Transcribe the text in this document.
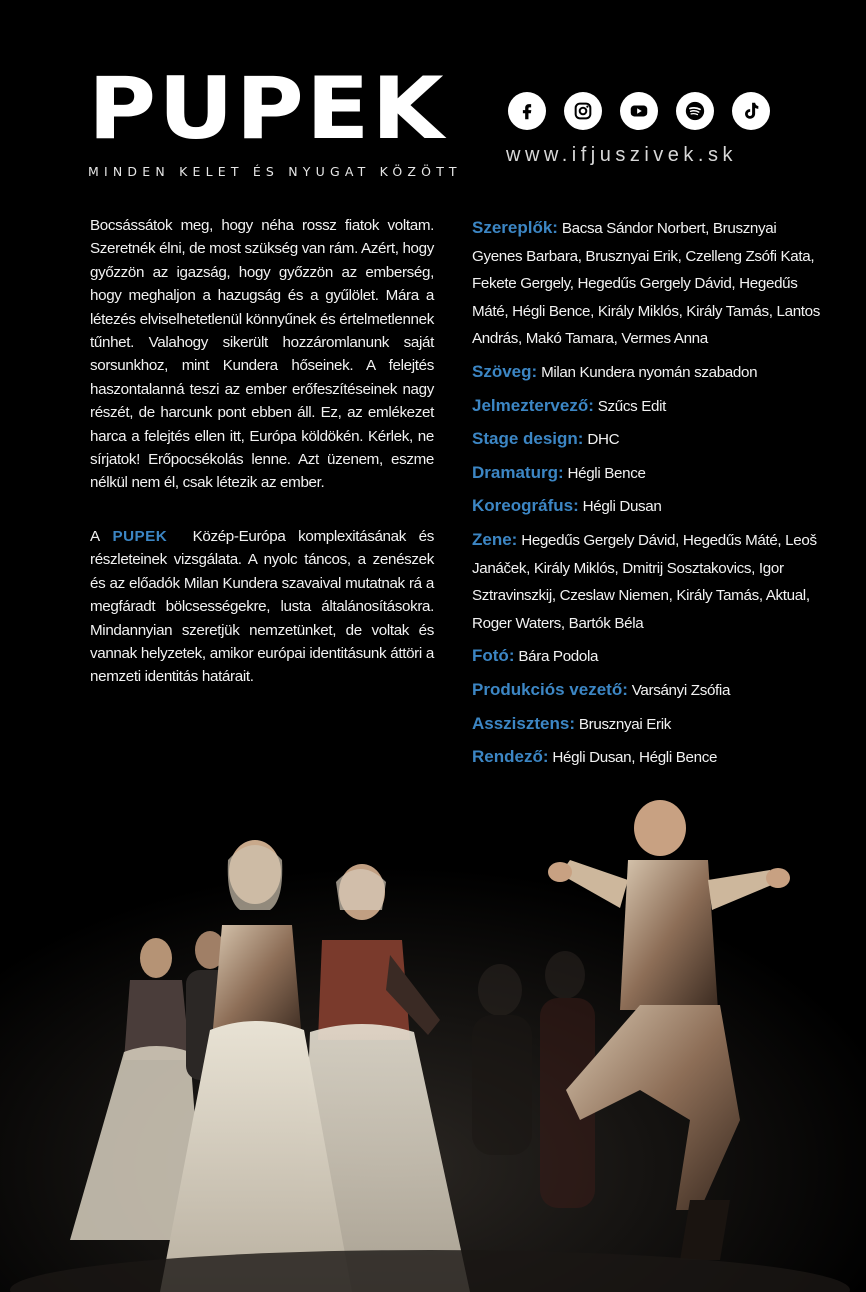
PUPEK
MINDEN KELET ÉS NYUGAT KÖZÖTT
www.ifjuszivek.sk

Bocsássátok meg, hogy néha rossz fiatok voltam. Szeretnék élni, de most szükség van rám. Azért, hogy győzzön az igazság, hogy győzzön az emberség, hogy meghaljon a hazugság és a gyűlölet. Mára a létezés elviselhetetlenül könnyűnek és értelmetlennek tűnhet. Valahogy sikerült hozzáromlanunk saját sorsunkhoz, mint Kundera hőseinek. A felejtés haszontalanná teszi az ember erőfeszítéseinek nagy részét, de harcunk pont ebben áll. Ez, az emlékezet harca a felejtés ellen itt, Európa köldökén. Kérlek, ne sírjatok! Erőpocsékolás lenne. Azt üzenem, eszme nélkül nem él, csak létezik az ember.

A PUPEK Közép-Európa komplexitásának és részleteinek vizsgálata. A nyolc táncos, a zenészek és az előadók Milan Kundera szavaival mutatnak rá a megfáradt bölcsességekre, lusta általánosításokra. Mindannyian szeretjük nemzetünket, de voltak és vannak helyzetek, amikor európai identitásunk áttöri a nemzeti identitás határait.

Szereplők: Bacsa Sándor Norbert, Brusznyai Gyenes Barbara, Brusznyai Erik, Czelleng Zsófi Kata, Fekete Gergely, Hegedűs Gergely Dávid, Hegedűs Máté, Hégli Bence, Király Miklós, Király Tamás, Lantos András, Makó Tamara, Vermes Anna

Szöveg: Milan Kundera nyomán szabadon

Jelmeztervező: Szűcs Edit

Stage design: DHC

Dramaturg: Hégli Bence

Koreográfus: Hégli Dusan

Zene: Hegedűs Gergely Dávid, Hegedűs Máté, Leoš Janáček, Király Miklós, Dmitrij Sosztakovics, Igor Sztravinszkij, Czeslaw Niemen, Király Tamás, Aktual, Roger Waters, Bartók Béla

Fotó: Bára Podola

Produkciós vezető: Varsányi Zsófia

Asszisztens: Brusznyai Erik

Rendező: Hégli Dusan, Hégli Bence
